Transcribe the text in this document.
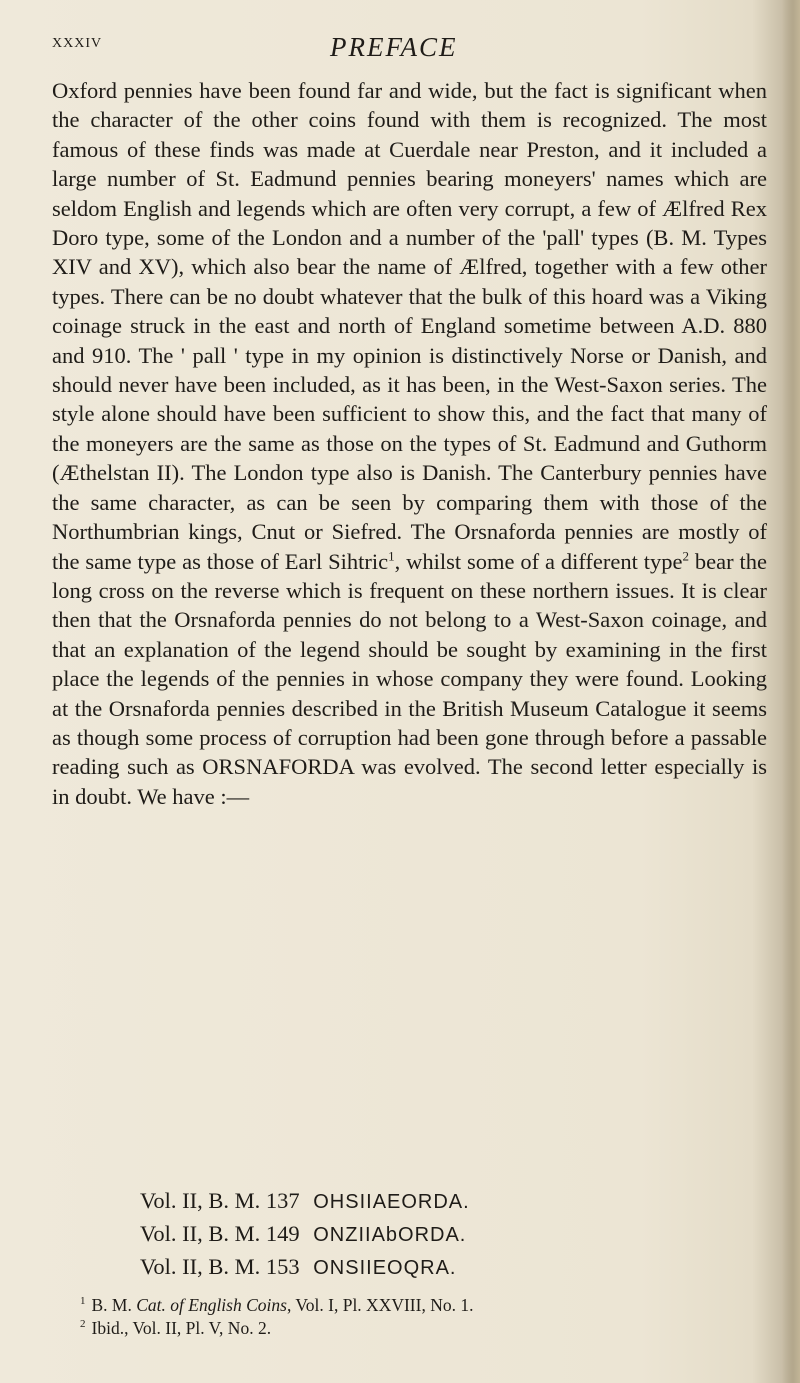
xxxiv	PREFACE

Oxford pennies have been found far and wide, but the fact is significant when the character of the other coins found with them is recognized. The most famous of these finds was made at Cuerdale near Preston, and it included a large number of St. Eadmund pennies bearing moneyers' names which are seldom English and legends which are often very corrupt, a few of Ælfred Rex Doro type, some of the London and a number of the 'pall' types (B. M. Types XIV and XV), which also bear the name of Ælfred, together with a few other types. There can be no doubt whatever that the bulk of this hoard was a Viking coinage struck in the east and north of England sometime between A.D. 880 and 910. The ' pall ' type in my opinion is distinctively Norse or Danish, and should never have been included, as it has been, in the West-Saxon series. The style alone should have been sufficient to show this, and the fact that many of the moneyers are the same as those on the types of St. Eadmund and Guthorm (Æthelstan II). The London type also is Danish. The Canterbury pennies have the same character, as can be seen by comparing them with those of the Northumbrian kings, Cnut or Siefred. The Orsnaforda pennies are mostly of the same type as those of Earl Sihtric$^1$, whilst some of a different type$^2$ bear the long cross on the reverse which is frequent on these northern issues. It is clear then that the Orsnaforda pennies do not belong to a West-Saxon coinage, and that an explanation of the legend should be sought by examining in the first place the legends of the pennies in whose company they were found. Looking at the Orsnaforda pennies described in the British Museum Catalogue it seems as though some process of corruption had been gone through before a passable reading such as ORSNAFORDA was evolved. The second letter especially is in doubt. We have :—

Vol. II, B. M. 137 OHSIIAEORDA.
Vol. II, B. M. 149 ONZIIAbORDA.
Vol. II, B. M. 153 ONSIIEOQRA.
$^1$ B. M. Cat. of English Coins, Vol. I, Pl. XXVIII, No. 1.
$^2$ Ibid., Vol. II, Pl. V, No. 2.
